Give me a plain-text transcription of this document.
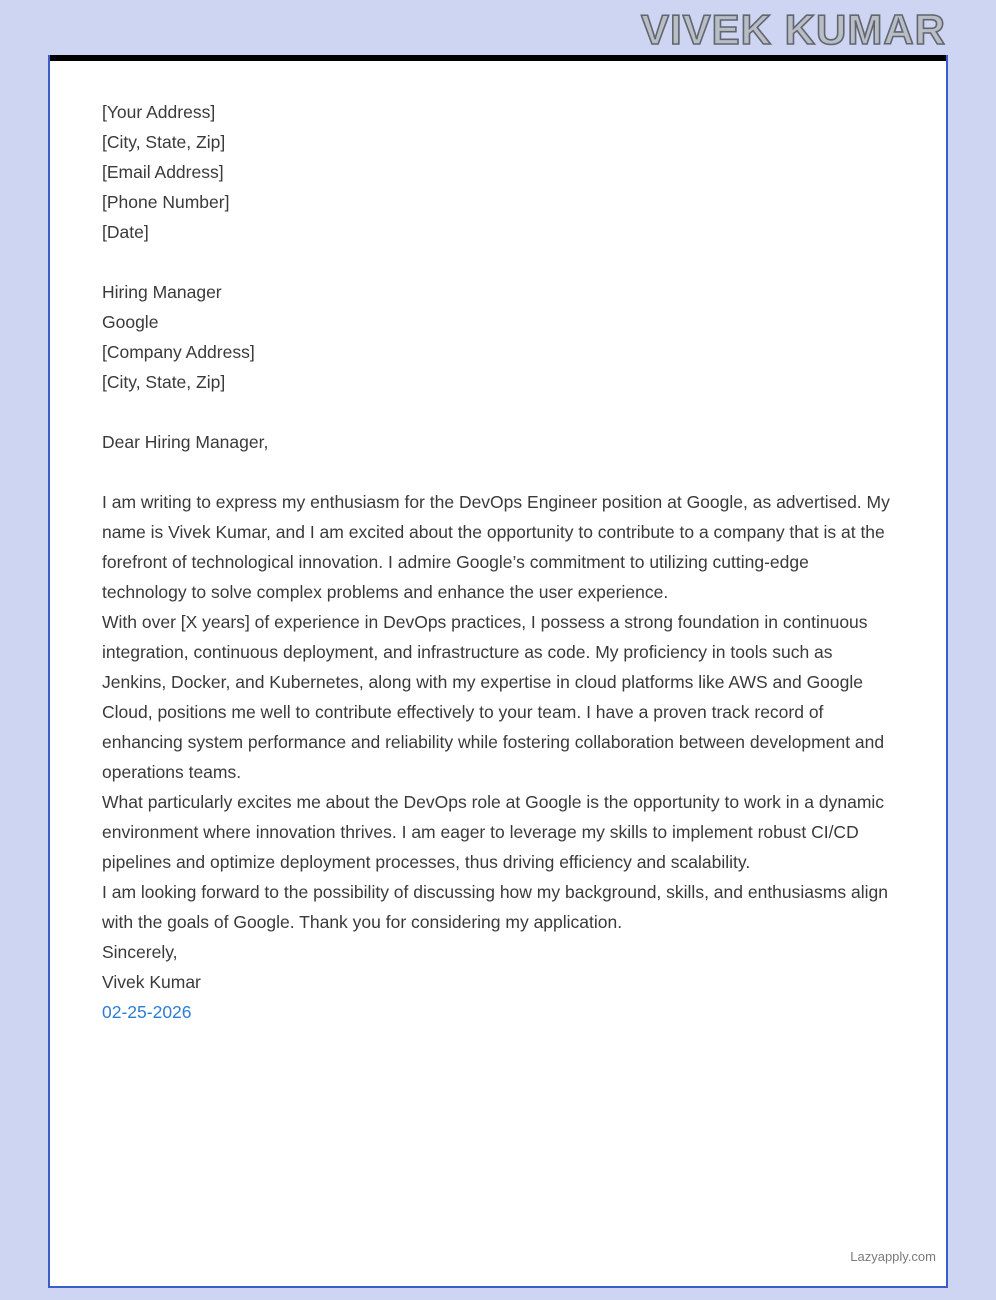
VIVEK KUMAR

[Your Address]

[City, State, Zip]

[Email Address]

[Phone Number]

[Date]

Hiring Manager

Google

[Company Address]

[City, State, Zip]

Dear Hiring Manager,

I am writing to express my enthusiasm for the DevOps Engineer position at Google, as advertised. My name is Vivek Kumar, and I am excited about the opportunity to contribute to a company that is at the forefront of technological innovation. I admire Google’s commitment to utilizing cutting-edge technology to solve complex problems and enhance the user experience.

With over [X years] of experience in DevOps practices, I possess a strong foundation in continuous integration, continuous deployment, and infrastructure as code. My proficiency in tools such as Jenkins, Docker, and Kubernetes, along with my expertise in cloud platforms like AWS and Google Cloud, positions me well to contribute effectively to your team. I have a proven track record of enhancing system performance and reliability while fostering collaboration between development and operations teams.

What particularly excites me about the DevOps role at Google is the opportunity to work in a dynamic environment where innovation thrives. I am eager to leverage my skills to implement robust CI/CD pipelines and optimize deployment processes, thus driving efficiency and scalability.

I am looking forward to the possibility of discussing how my background, skills, and enthusiasms align with the goals of Google. Thank you for considering my application.

Sincerely,

Vivek Kumar

02-25-2026

Lazyapply.com
